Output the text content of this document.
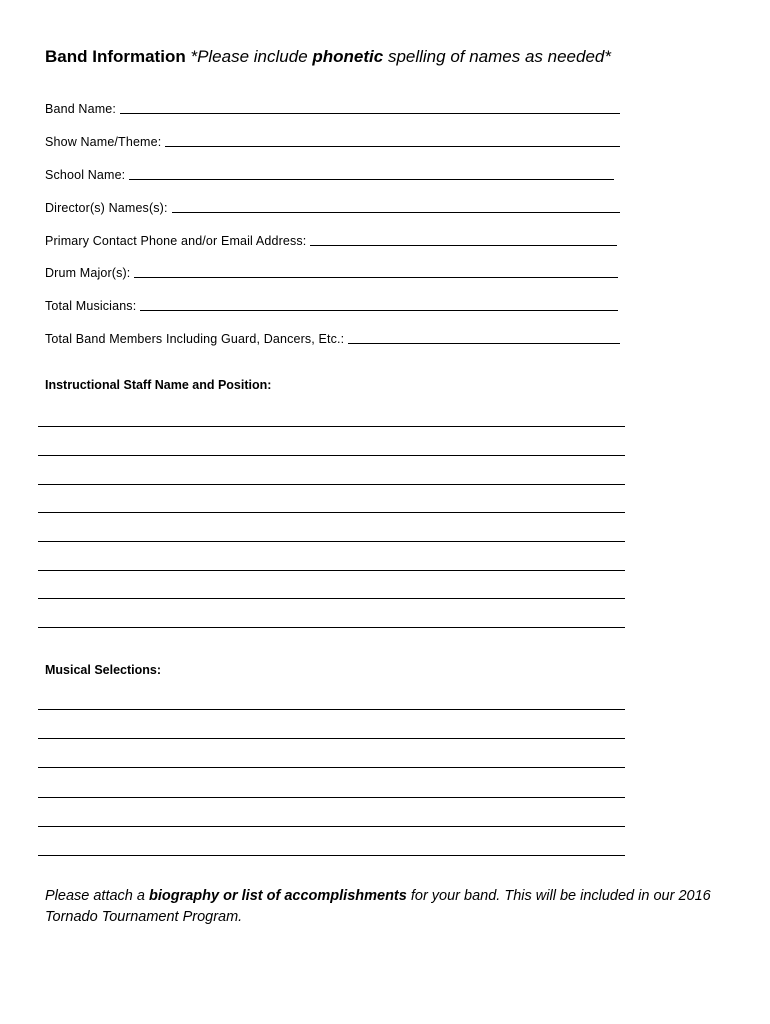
Band Information *Please include phonetic spelling of names as needed*
Band Name:
Show Name/Theme:
School Name:
Director(s) Names(s):
Primary Contact Phone and/or Email Address:
Drum Major(s):
Total Musicians:
Total Band Members Including Guard, Dancers, Etc.:
Instructional Staff Name and Position:
Musical Selections:
Please attach a biography or list of accomplishments for your band. This will be included in our 2016 Tornado Tournament Program.
